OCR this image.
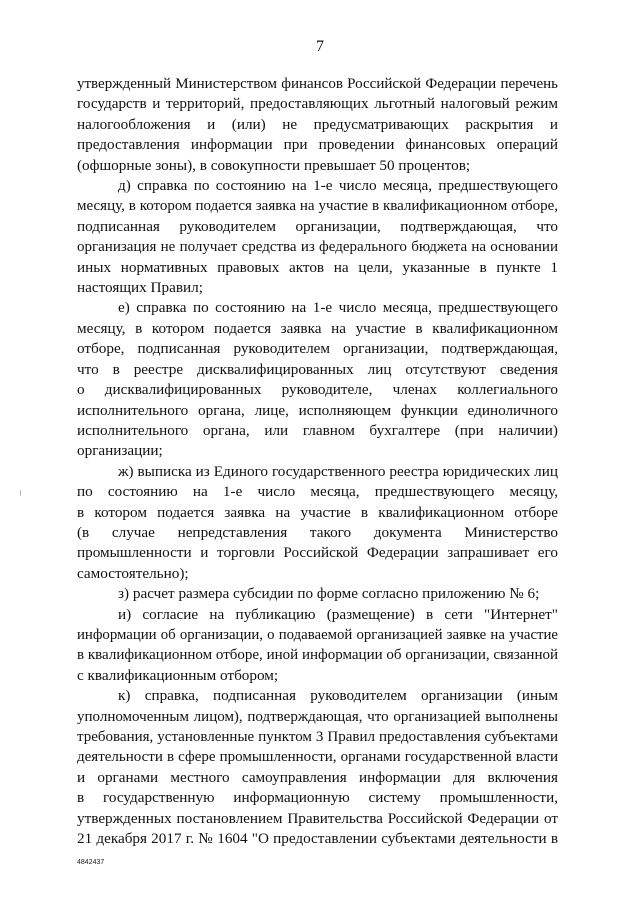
7
утвержденный Министерством финансов Российской Федерации перечень
государств и территорий, предоставляющих льготный налоговый режим
налогообложения и (или) не предусматривающих раскрытия и
предоставления информации при проведении финансовых операций
(офшорные зоны), в совокупности превышает 50 процентов;
д) справка по состоянию на 1-е число месяца, предшествующего
месяцу, в котором подается заявка на участие в квалификационном отборе,
подписанная руководителем организации, подтверждающая, что
организация не получает средства из федерального бюджета на основании
иных нормативных правовых актов на цели, указанные в пункте 1
настоящих Правил;
е) справка по состоянию на 1-е число месяца, предшествующего
месяцу, в котором подается заявка на участие в квалификационном
отборе, подписанная руководителем организации, подтверждающая,
что в реестре дисквалифицированных лиц отсутствуют сведения
о дисквалифицированных руководителе, членах коллегиального
исполнительного органа, лице, исполняющем функции единоличного
исполнительного органа, или главном бухгалтере (при наличии)
организации;
ж) выписка из Единого государственного реестра юридических лиц
по состоянию на 1-е число месяца, предшествующего месяцу,
в котором подается заявка на участие в квалификационном отборе
(в случае непредставления такого документа Министерство
промышленности и торговли Российской Федерации запрашивает его
самостоятельно);
з) расчет размера субсидии по форме согласно приложению № 6;
и) согласие на публикацию (размещение) в сети "Интернет"
информации об организации, о подаваемой организацией заявке на участие
в квалификационном отборе, иной информации об организации, связанной
с квалификационным отбором;
к) справка, подписанная руководителем организации (иным
уполномоченным лицом), подтверждающая, что организацией выполнены
требования, установленные пунктом 3 Правил предоставления субъектами
деятельности в сфере промышленности, органами государственной власти
и органами местного самоуправления информации для включения
в государственную информационную систему промышленности,
утвержденных постановлением Правительства Российской Федерации от
21 декабря 2017 г. № 1604 "О предоставлении субъектами деятельности в
4842437
